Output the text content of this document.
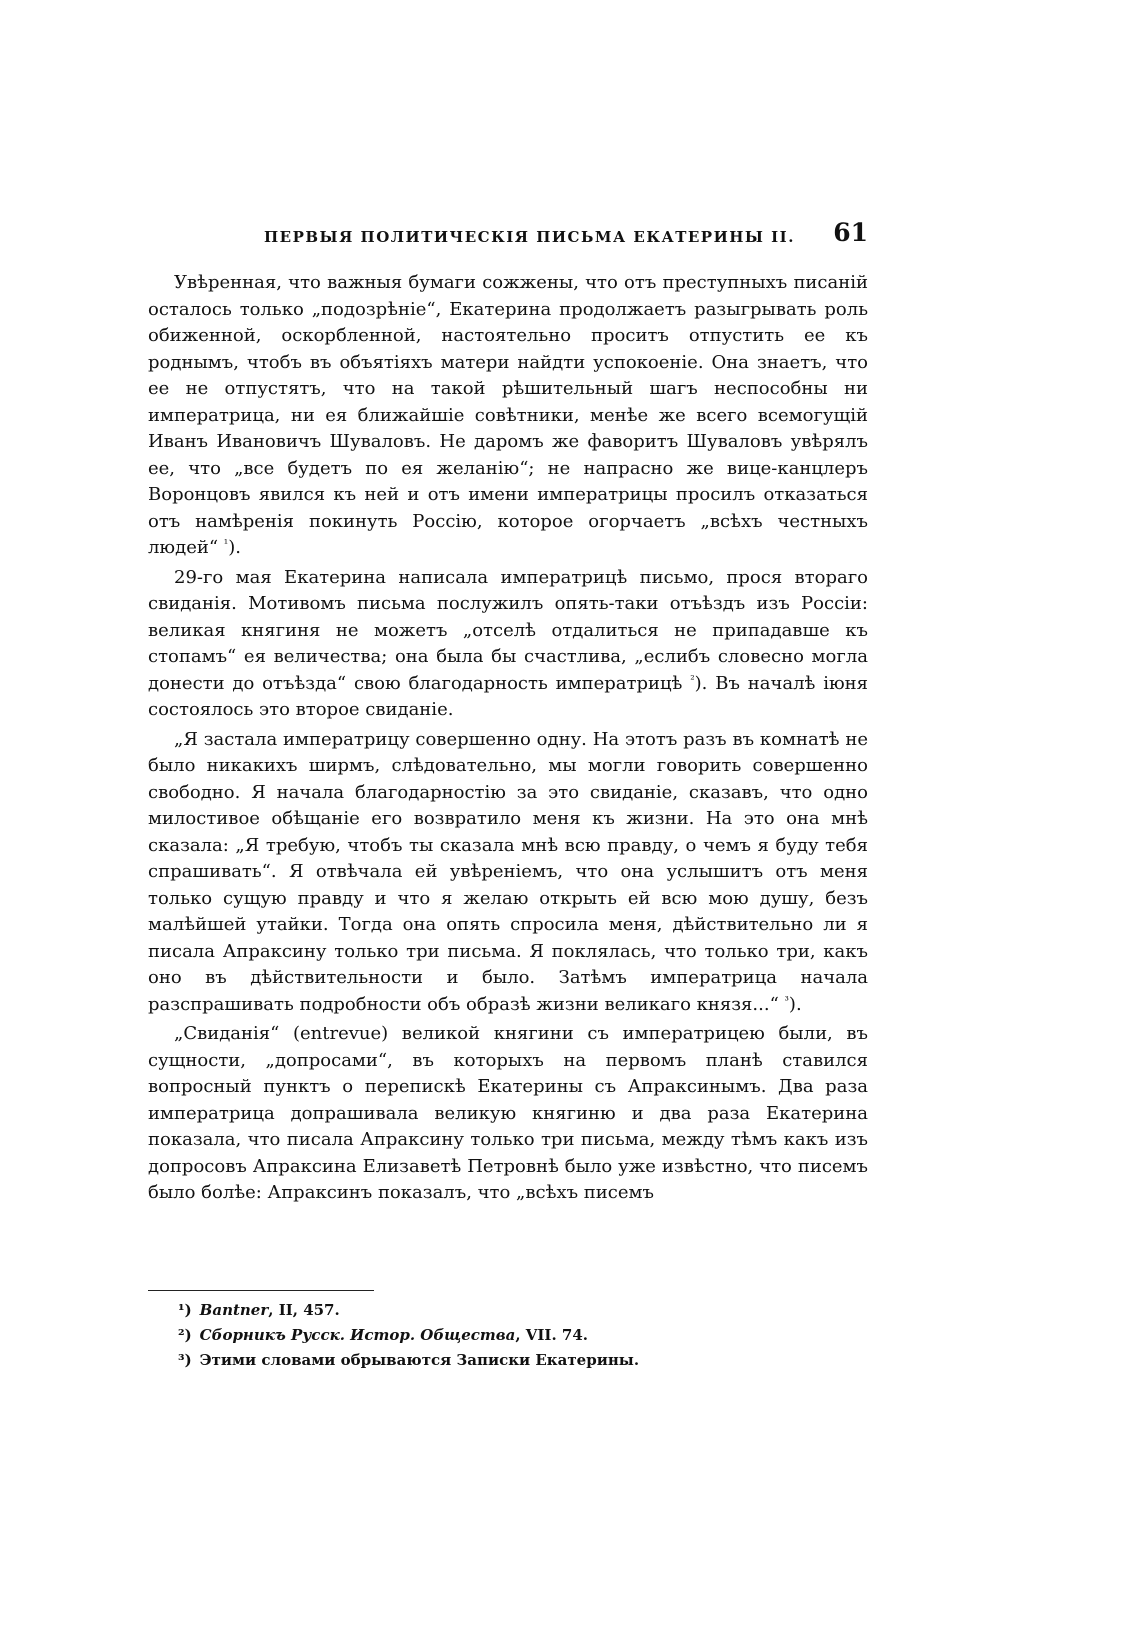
ПЕРВЫЯ ПОЛИТИЧЕСКІЯ ПИСЬМА ЕКАТЕРИНЫ II. 61

Увѣренная, что важныя бумаги сожжены, что отъ преступныхъ писаній осталось только „подозрѣніе“, Екатерина продолжаетъ разыгрывать роль обиженной, оскорбленной, настоятельно проситъ отпустить ее къ роднымъ, чтобъ въ объятіяхъ матери найдти успокоеніе. Она знаетъ, что ее не отпустятъ, что на такой рѣшительный шагъ неспособны ни императрица, ни ея ближайшіе совѣтники, менѣе же всего всемогущій Иванъ Ивановичъ Шуваловъ. Не даромъ же фаворитъ Шуваловъ увѣрялъ ее, что „все будетъ по ея желанію“; не напрасно же вице-канцлеръ Воронцовъ явился къ ней и отъ имени императрицы просилъ отказаться отъ намѣренія покинуть Россію, которое огорчаетъ „всѣхъ честныхъ людей“ $^{^1}$).

29-го мая Екатерина написала императрицѣ письмо, прося втораго свиданія. Мотивомъ письма послужилъ опять-таки отъѣздъ изъ Россіи: великая княгиня не можетъ „отселѣ отдалиться не припадавше къ стопамъ“ ея величества; она была бы счастлива, „еслибъ словесно могла донести до отъѣзда“ свою благодарность императрицѣ $^{^2}$). Въ началѣ іюня состоялось это второе свиданіе.

„Я застала императрицу совершенно одну. На этотъ разъ въ комнатѣ не было никакихъ ширмъ, слѣдовательно, мы могли говорить совершенно свободно. Я начала благодарностію за это свиданіе, сказавъ, что одно милостивое обѣщаніе его возвратило меня къ жизни. На это она мнѣ сказала: „Я требую, чтобъ ты сказала мнѣ всю правду, о чемъ я буду тебя спрашивать“. Я отвѣчала ей увѣреніемъ, что она услышитъ отъ меня только сущую правду и что я желаю открыть ей всю мою душу, безъ малѣйшей утайки. Тогда она опять спросила меня, дѣйствительно ли я писала Апраксину только три письма. Я поклялась, что только три, какъ оно въ дѣйствительности и было. Затѣмъ императрица начала разспрашивать подробности объ образѣ жизни великаго князя...“ $^{^3}$).

„Свиданія“ (entrevue) великой княгини съ императрицею были, въ сущности, „допросами“, въ которыхъ на первомъ планѣ ставился вопросный пунктъ о перепискѣ Екатерины съ Апраксинымъ. Два раза императрица допрашивала великую княгиню и два раза Екатерина показала, что писала Апраксину только три письма, между тѣмъ какъ изъ допросовъ Апраксина Елизаветѣ Петровнѣ было уже извѣстно, что писемъ было болѣе: Апраксинъ показалъ, что „всѣхъ писемъ

¹) Bantner, II, 457.
²) Сборникъ Русск. Истор. Общества, VII. 74.
³) Этими словами обрываются Записки Екатерины.
